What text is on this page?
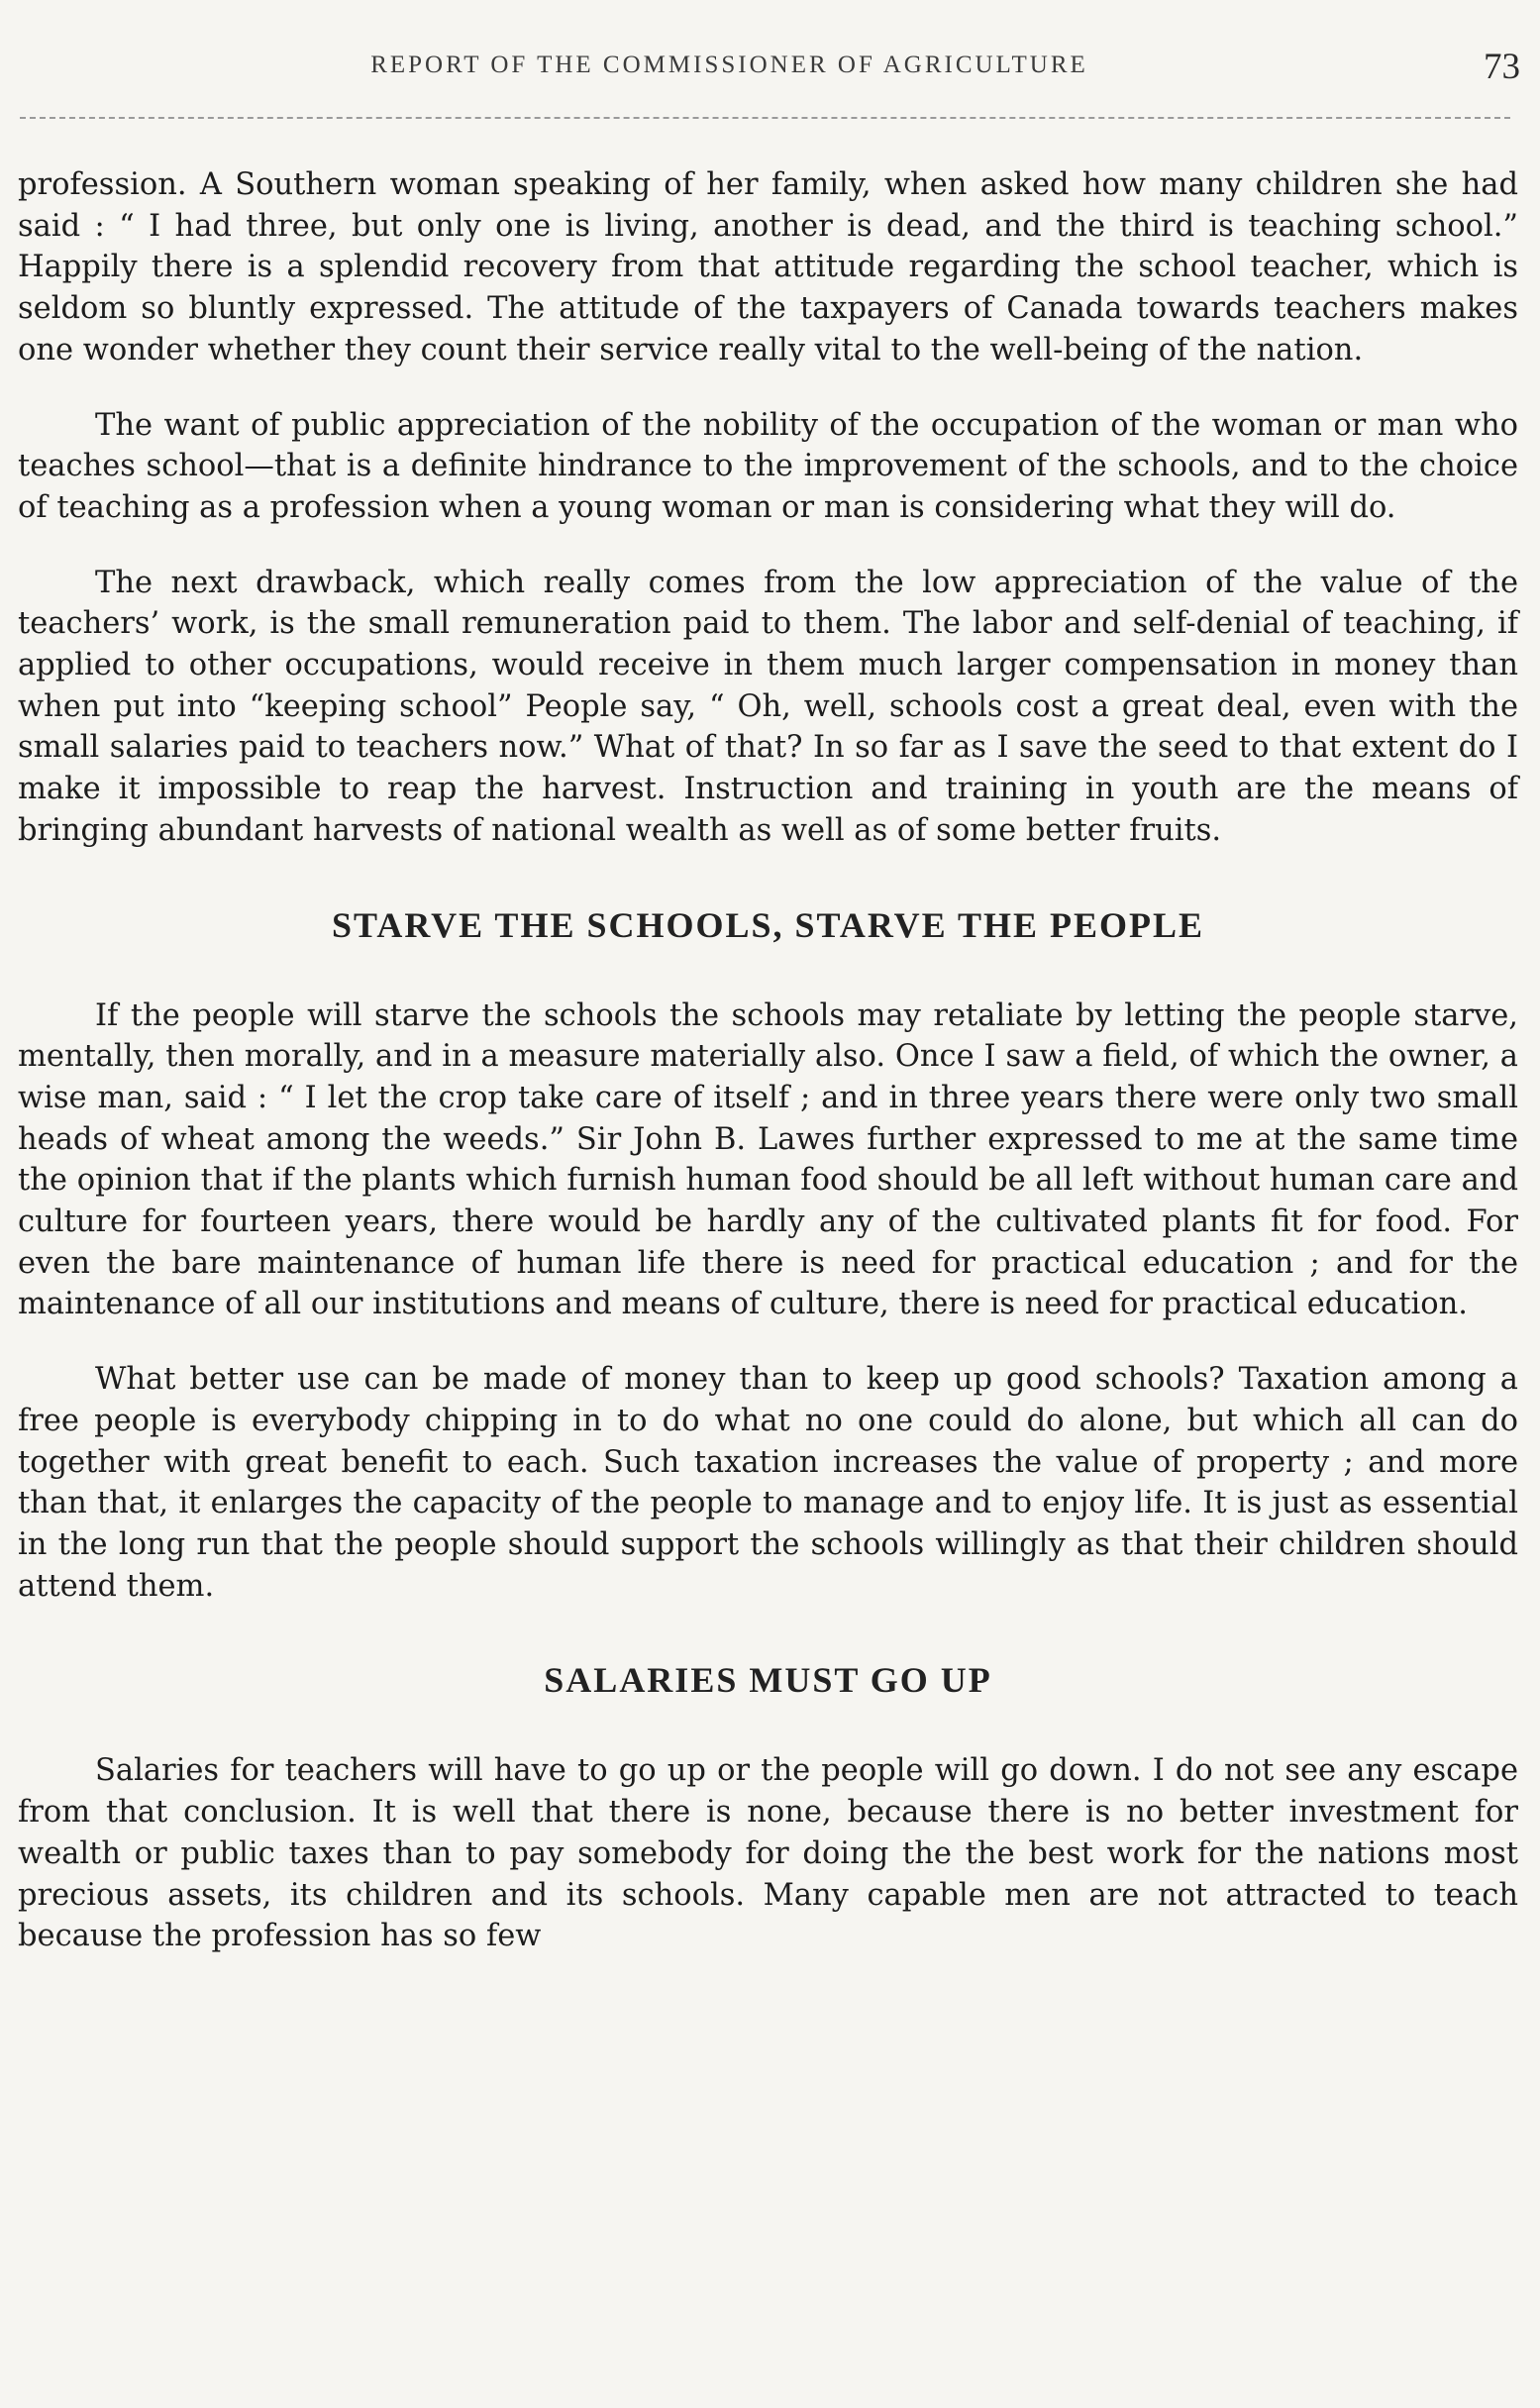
REPORT OF THE COMMISSIONER OF AGRICULTURE	73

profession. A Southern woman speaking of her family, when asked how many children she had said : “ I had three, but only one is living, another is dead, and the third is teaching school.” Happily there is a splendid recovery from that attitude regarding the school teacher, which is seldom so bluntly expressed. The attitude of the taxpayers of Canada towards teachers makes one wonder whether they count their service really vital to the well-being of the nation.

The want of public appreciation of the nobility of the occupation of the woman or man who teaches school—that is a definite hindrance to the improvement of the schools, and to the choice of teaching as a profession when a young woman or man is considering what they will do.

The next drawback, which really comes from the low appreciation of the value of the teachers’ work, is the small remuneration paid to them. The labor and self-denial of teaching, if applied to other occupations, would receive in them much larger compensation in money than when put into “keeping school” People say, “ Oh, well, schools cost a great deal, even with the small salaries paid to teachers now.” What of that? In so far as I save the seed to that extent do I make it impossible to reap the harvest. Instruction and training in youth are the means of bringing abundant harvests of national wealth as well as of some better fruits.

STARVE THE SCHOOLS, STARVE THE PEOPLE

If the people will starve the schools the schools may retaliate by letting the people starve, mentally, then morally, and in a measure materially also. Once I saw a field, of which the owner, a wise man, said : “ I let the crop take care of itself ; and in three years there were only two small heads of wheat among the weeds.” Sir John B. Lawes further expressed to me at the same time the opinion that if the plants which furnish human food should be all left without human care and culture for fourteen years, there would be hardly any of the cultivated plants fit for food. For even the bare maintenance of human life there is need for practical education ; and for the maintenance of all our institutions and means of culture, there is need for practical education.

What better use can be made of money than to keep up good schools? Taxation among a free people is everybody chipping in to do what no one could do alone, but which all can do together with great benefit to each. Such taxation increases the value of property ; and more than that, it enlarges the capacity of the people to manage and to enjoy life. It is just as essential in the long run that the people should support the schools willingly as that their children should attend them.

SALARIES MUST GO UP

Salaries for teachers will have to go up or the people will go down. I do not see any escape from that conclusion. It is well that there is none, because there is no better investment for wealth or public taxes than to pay somebody for doing the the best work for the nations most precious assets, its children and its schools. Many capable men are not attracted to teach because the profession has so few
